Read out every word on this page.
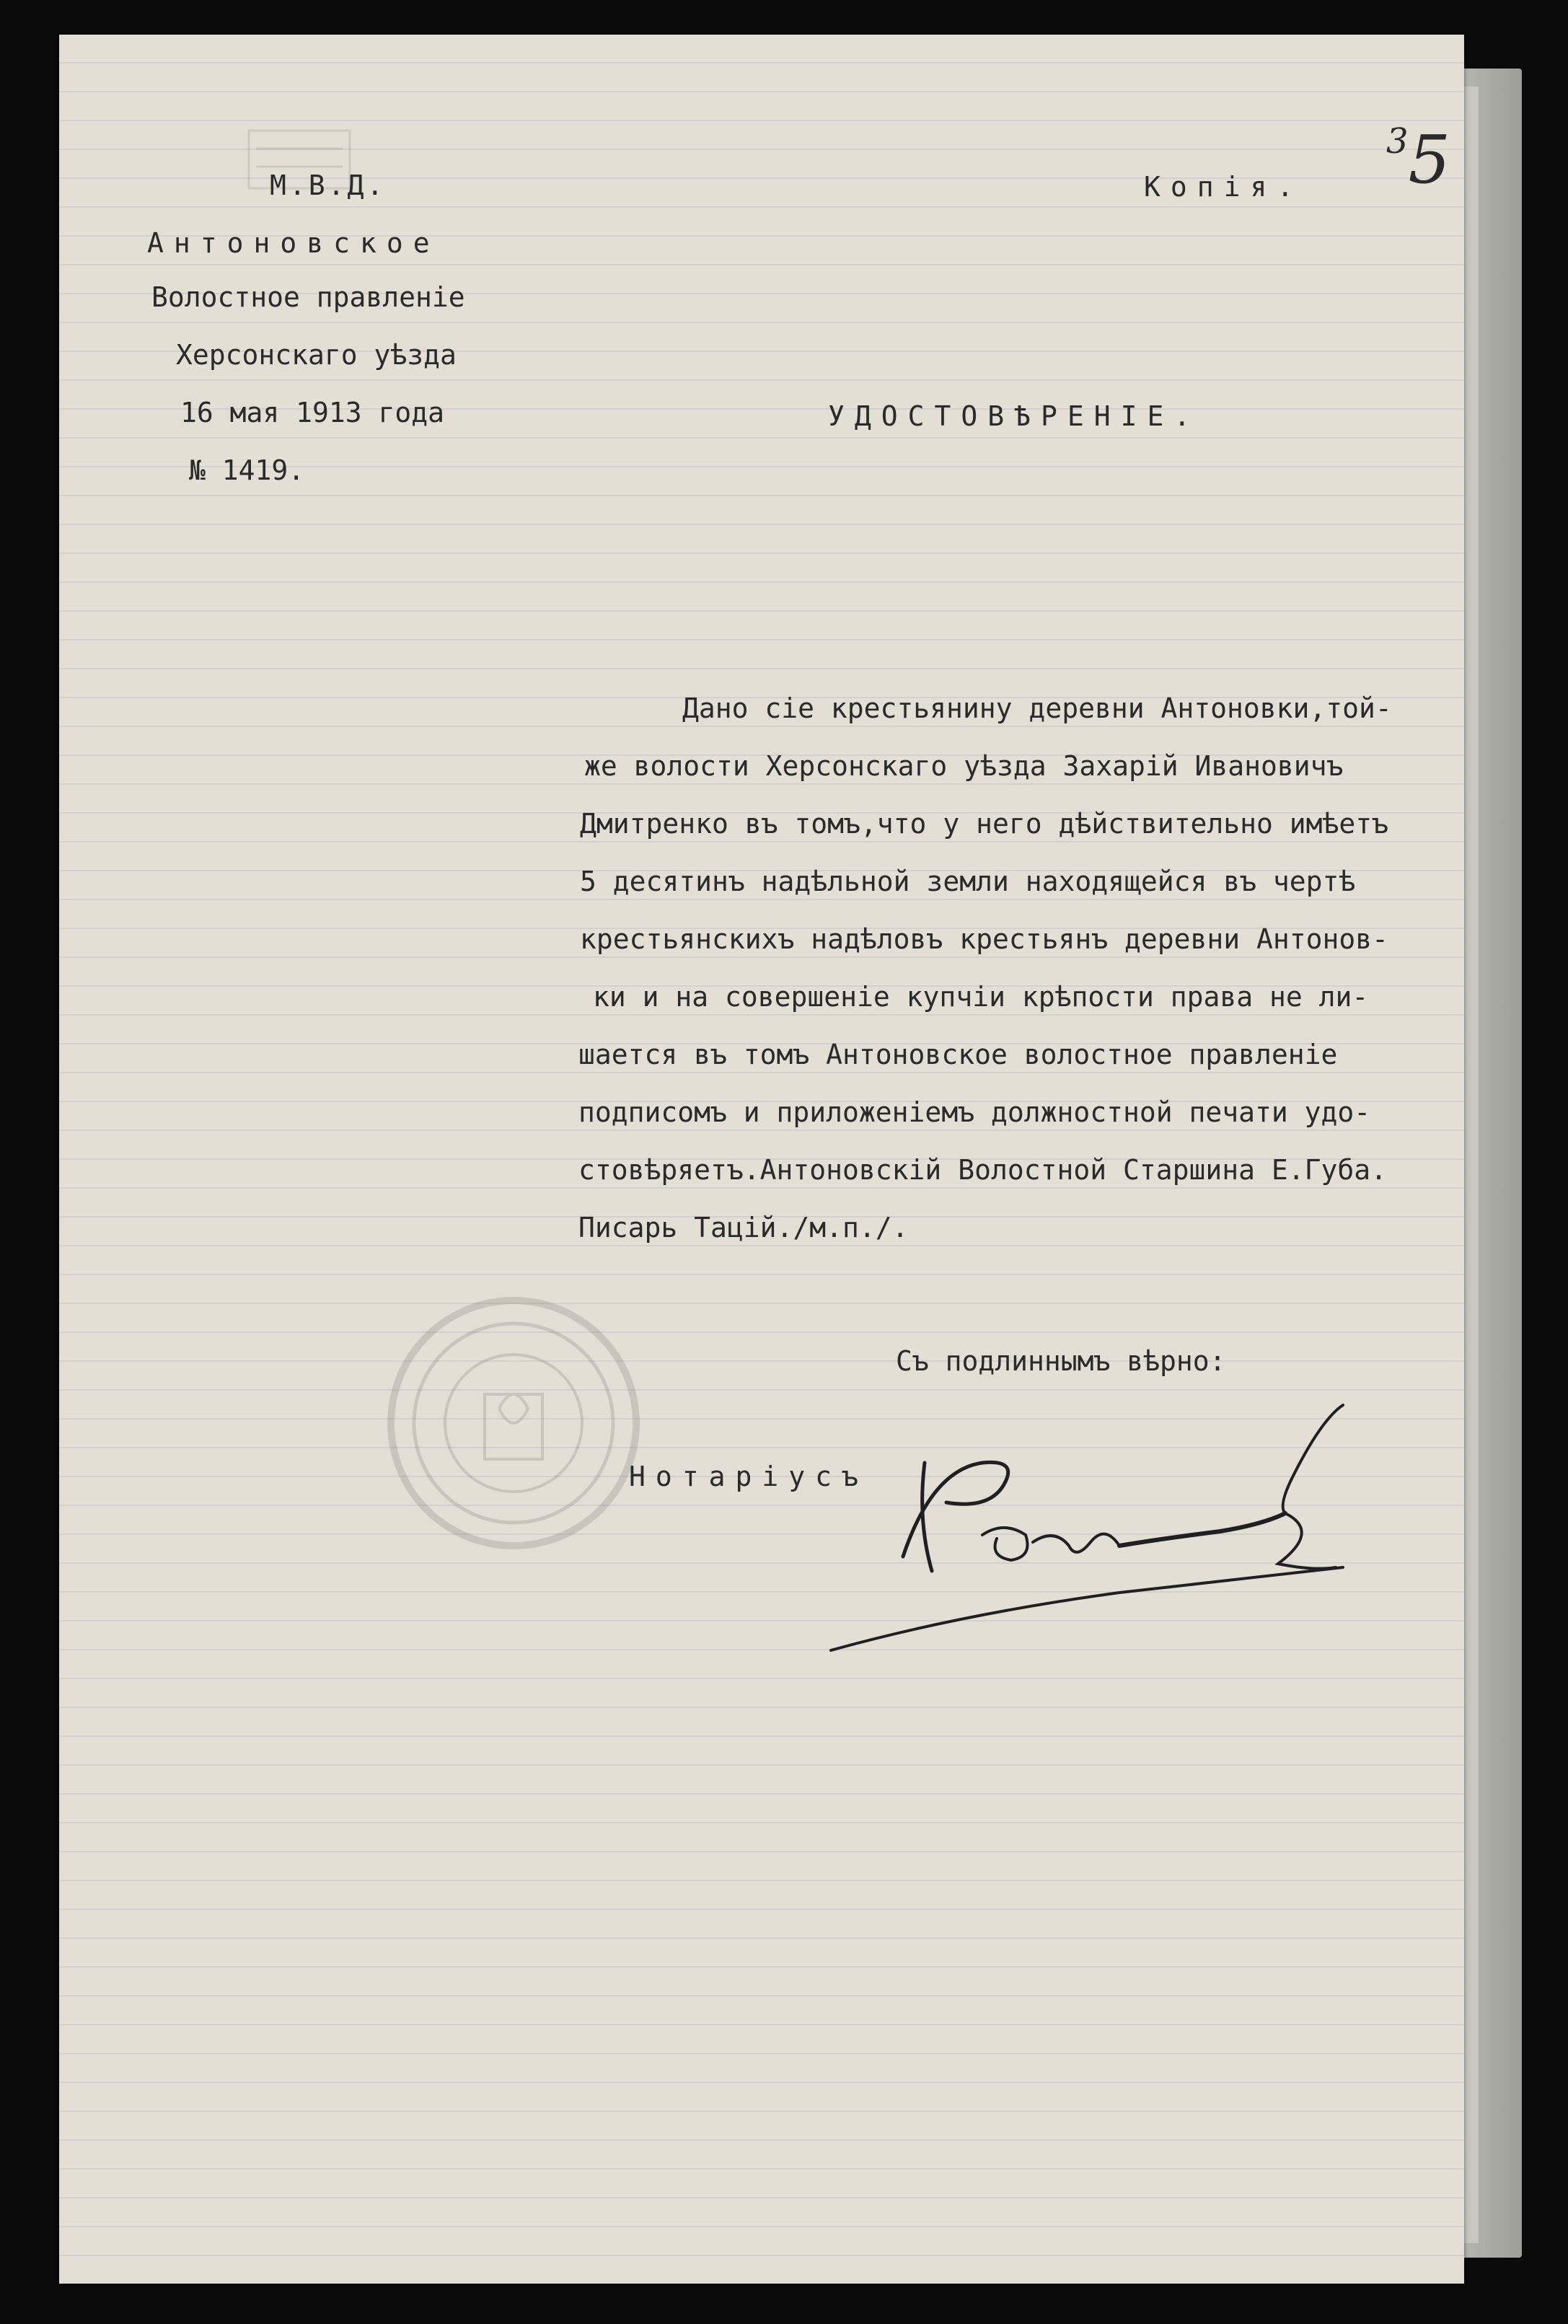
35
М.В.Д.
Антоновское
Волостное правленіе
Херсонскаго уѣзда
16 мая 1913 года
№ 1419.
Копія.
УДОСТОВѢРЕНІЕ.
Дано сіе крестьянину деревни Антоновки,той-
же волости Херсонскаго уѣзда Захарій Ивановичъ
Дмитренко въ томъ,что у него дѣйствительно имѣетъ
5 десятинъ надѣльной земли находящейся въ чертѣ
крестьянскихъ надѣловъ крестьянъ деревни Антонов-
ки и на совершеніе купчіи крѣпости права не ли-
шается въ томъ Антоновское волостное правленіе
подписомъ и приложеніемъ должностной печати удо-
стовѣряетъ.Антоновскій Волостной Старшина Е.Губа.
Писарь Тацій./м.п./.
Съ подлиннымъ вѣрно:
Нотаріусъ
